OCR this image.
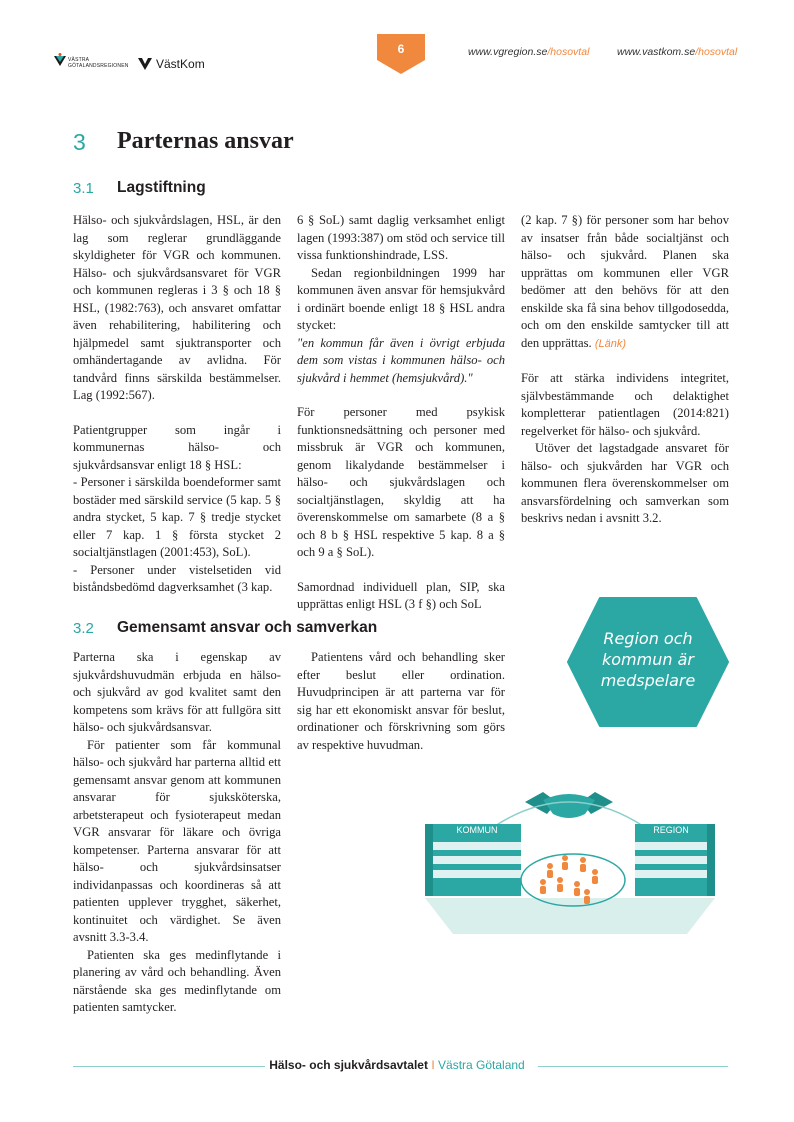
VÄSTRA
GÖTALANDSREGIONEN VästKom
6	www.vgregion.se/hosovtal	www.vastkom.se/hosovtal
3 Parternas ansvar
3.1 Lagstiftning

Hälso- och sjukvårdslagen, HSL, är den lag som reglerar grundläggande skyldigheter för VGR och kommunen. Hälso- och sjukvårdsansvaret för VGR och kommunen regleras i 3 § och 18 § HSL, (1982:763), och ansvaret omfattar även rehabilitering, habilitering och hjälpmedel samt sjuktransporter och omhändertagande av avlidna. För tandvård finns särskilda bestämmelser. Lag (1992:567).

Patientgrupper som ingår i kommunernas hälso- och sjukvårdsansvar enligt 18 § HSL:

- Personer i särskilda boendeformer samt bostäder med särskild service (5 kap. 5 § andra stycket, 5 kap. 7 § tredje stycket eller 7 kap. 1 § första stycket 2 socialtjänstlagen (2001:453), SoL).

- Personer under vistelsetiden vid biståndsbedömd dagverksamhet (3 kap.

6 § SoL) samt daglig verksamhet enligt lagen (1993:387) om stöd och service till vissa funktionshindrade, LSS.

Sedan regionbildningen 1999 har kommunen även ansvar för hemsjukvård i ordinärt boende enligt 18 § HSL andra stycket:

"en kommun får även i övrigt erbjuda dem som vistas i kommunen hälso- och sjukvård i hemmet (hemsjukvård)."

För personer med psykisk funktionsnedsättning och personer med missbruk är VGR och kommunen, genom likalydande bestämmelser i hälso- och sjukvårdslagen och socialtjänstlagen, skyldig att ha överenskommelse om samarbete (8 a § och 8 b § HSL respektive 5 kap. 8 a § och 9 a § SoL).

Samordnad individuell plan, SIP, ska upprättas enligt HSL (3 f §) och SoL

(2 kap. 7 §) för personer som har behov av insatser från både socialtjänst och hälso- och sjukvård. Planen ska upprättas om kommunen eller VGR bedömer att den behövs för att den enskilde ska få sina behov tillgodosedda, och om den enskilde samtycker till att den upprättas. (Länk)

För att stärka individens integritet, självbestämmande och delaktighet kompletterar patientlagen (2014:821) regelverket för hälso- och sjukvård.

Utöver det lagstadgade ansvaret för hälso- och sjukvården har VGR och kommunen flera överenskommelser om ansvarsfördelning och samverkan som beskrivs nedan i avsnitt 3.2.

3.2 Gemensamt ansvar och samverkan

Parterna ska i egenskap av sjukvårdshuvudmän erbjuda en hälso- och sjukvård av god kvalitet samt den kompetens som krävs för att fullgöra sitt hälso- och sjukvårdsansvar.

För patienter som får kommunal hälso- och sjukvård har parterna alltid ett gemensamt ansvar genom att kommunen ansvarar för sjuksköterska, arbetsterapeut och fysioterapeut medan VGR ansvarar för läkare och övriga kompetenser. Parterna ansvarar för att hälso- och sjukvårdsinsatser individanpassas och koordineras så att patienten upplever trygghet, säkerhet, kontinuitet och värdighet. Se även avsnitt 3.3-3.4.

Patienten ska ges medinflytande i planering av vård och behandling. Även närstående ska ges medinflytande om patienten samtycker.

Patientens vård och behandling sker efter beslut eller ordination. Huvudprincipen är att parterna var för sig har ett ekonomiskt ansvar för beslut, ordinationer och förskrivning som görs av respektive huvudman.

Region och
kommun är
medspelare
KOMMUN	REGION
Hälso- och sjukvårdsavtalet I Västra Götaland
